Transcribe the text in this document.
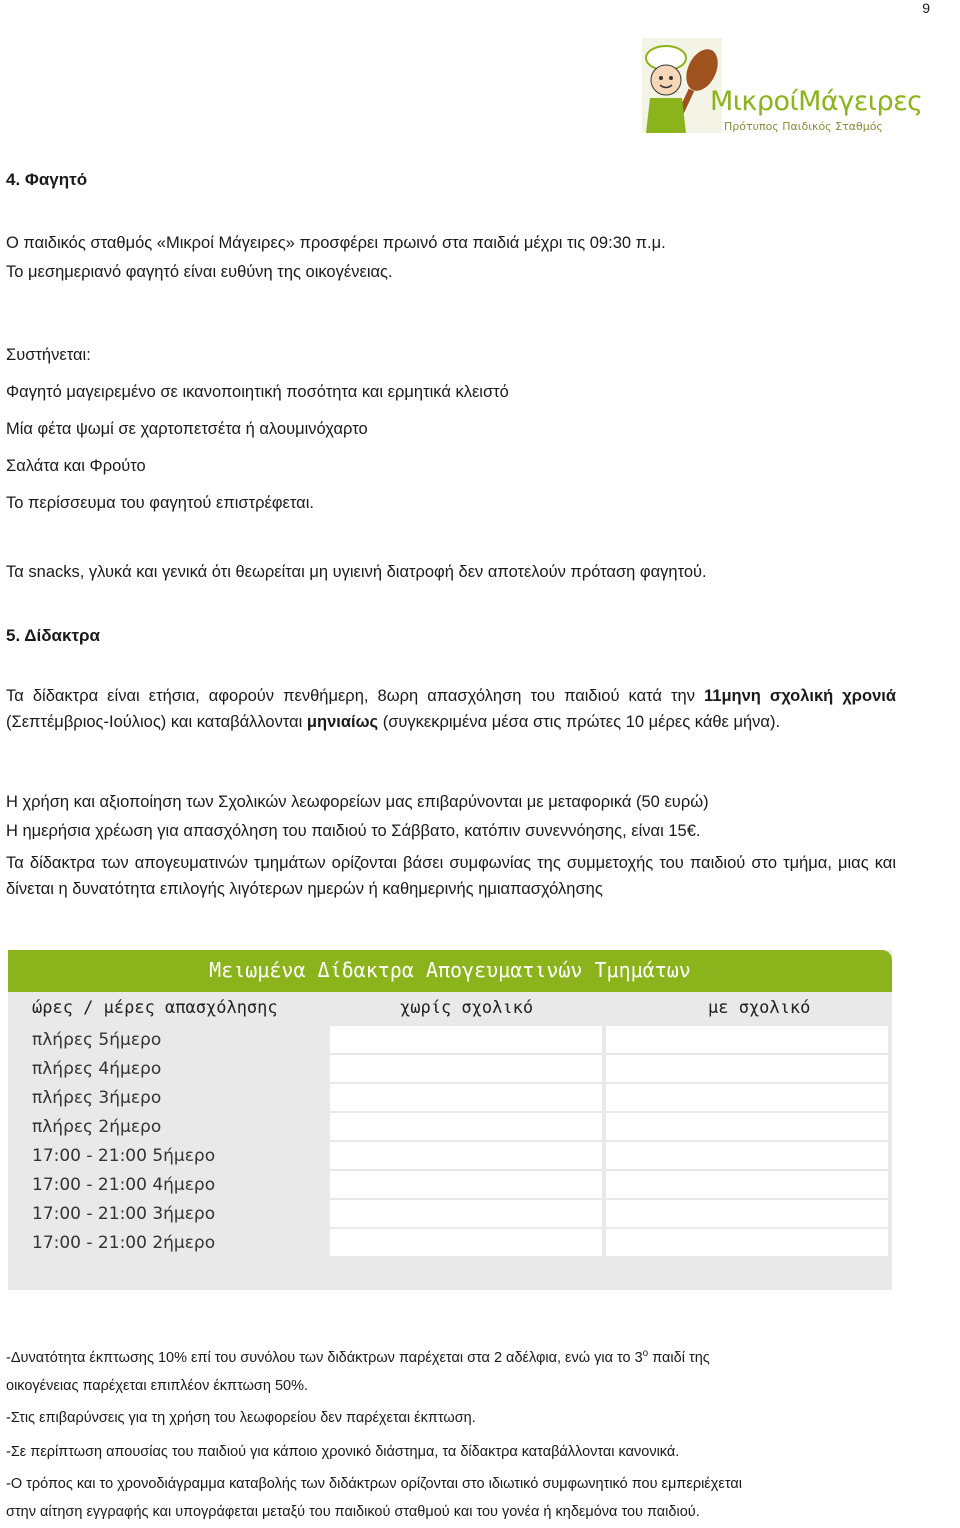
9
ΜικροίΜάγειρες
Πρότυπος Παιδικός Σταθμός
4. Φαγητό
Ο παιδικός σταθμός «Μικροί Μάγειρες» προσφέρει πρωινό στα παιδιά μέχρι τις 09:30 π.μ.
Το μεσημεριανό φαγητό είναι ευθύνη της οικογένειας.
Συστήνεται:
Φαγητό μαγειρεμένο σε ικανοποιητική ποσότητα και ερμητικά κλειστό
Μία φέτα ψωμί σε χαρτοπετσέτα ή αλουμινόχαρτο
Σαλάτα και Φρούτο
Το περίσσευμα του φαγητού επιστρέφεται.
Τα snacks, γλυκά και γενικά ότι θεωρείται μη υγιεινή διατροφή δεν αποτελούν πρόταση φαγητού.
5. Δίδακτρα
Τα δίδακτρα είναι ετήσια, αφορούν πενθήμερη, 8ωρη απασχόληση του παιδιού κατά την 11μηνη σχολική χρονιά (Σεπτέμβριος-Ιούλιος) και καταβάλλονται μηνιαίως (συγκεκριμένα μέσα στις πρώτες 10 μέρες κάθε μήνα).
Η χρήση και αξιοποίηση των Σχολικών λεωφορείων μας επιβαρύνονται με μεταφορικά (50 ευρώ)
Η ημερήσια χρέωση για απασχόληση του παιδιού το Σάββατο, κατόπιν συνεννόησης, είναι 15€.
Τα δίδακτρα των απογευματινών τμημάτων ορίζονται βάσει συμφωνίας της συμμετοχής του παιδιού στο τμήμα, μιας και δίνεται η δυνατότητα επιλογής λιγότερων ημερών ή καθημερινής ημιαπασχόλησης
Μειωμένα Δίδακτρα Απογευματινών Τμημάτων
ώρες / μέρες απασχόλησης	χωρίς σχολικό	με σχολικό
πλήρες 5ήμερο
πλήρες 4ήμερο
πλήρες 3ήμερο
πλήρες 2ήμερο
17:00 - 21:00 5ήμερο
17:00 - 21:00 4ήμερο
17:00 - 21:00 3ήμερο
17:00 - 21:00 2ήμερο
-Δυνατότητα έκπτωσης 10% επί του συνόλου των διδάκτρων παρέχεται στα 2 αδέλφια, ενώ για το $3^o$ παιδί της
οικογένειας παρέχεται επιπλέον έκπτωση 50%.
-Στις επιβαρύνσεις για τη χρήση του λεωφορείου δεν παρέχεται έκπτωση.
-Σε περίπτωση απουσίας του παιδιού για κάποιο χρονικό διάστημα, τα δίδακτρα καταβάλλονται κανονικά.
-Ο τρόπος και το χρονοδιάγραμμα καταβολής των διδάκτρων ορίζονται στο ιδιωτικό συμφωνητικό που εμπεριέχεται
στην αίτηση εγγραφής και υπογράφεται μεταξύ του παιδικού σταθμού και του γονέα ή κηδεμόνα του παιδιού.
